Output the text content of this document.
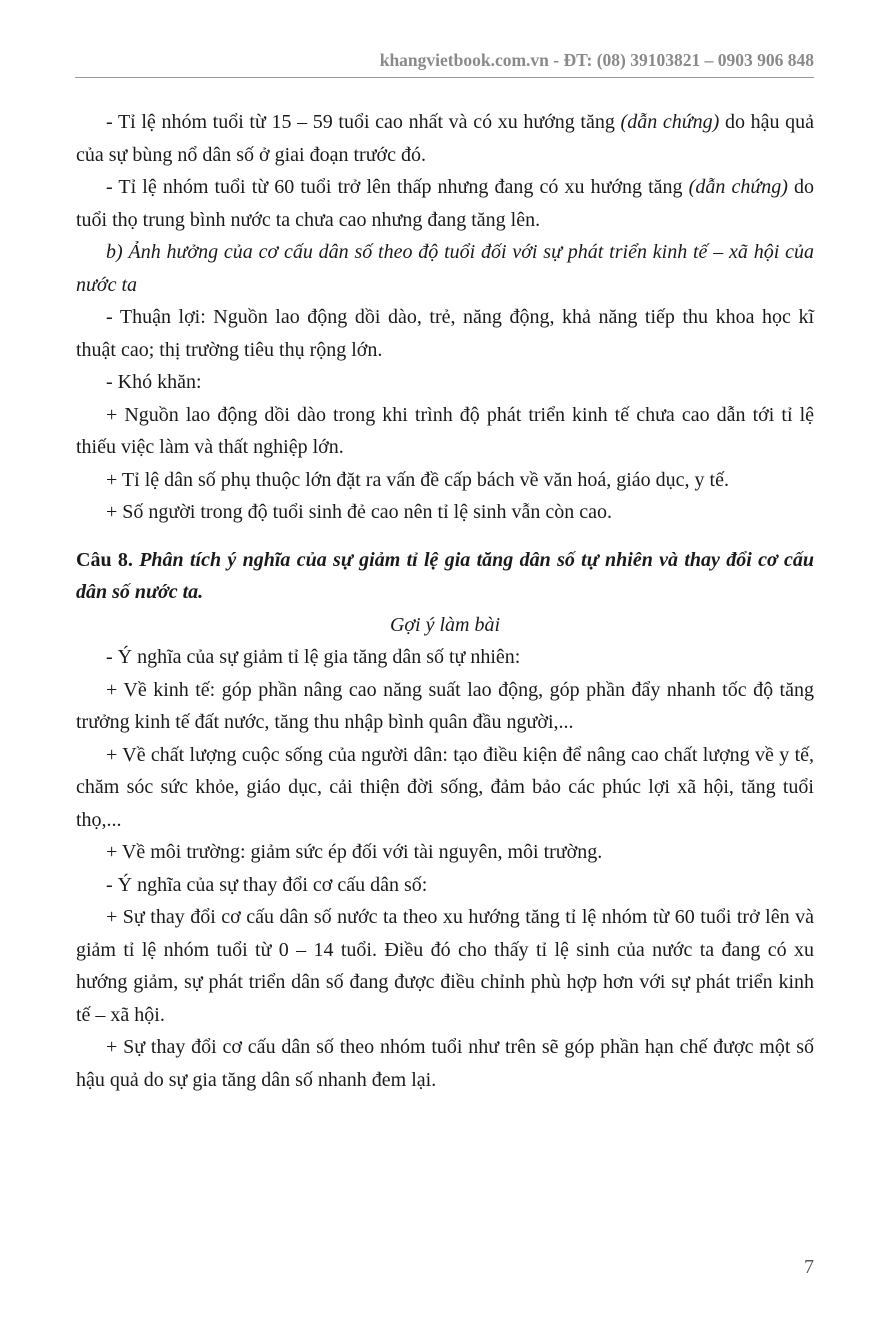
khangvietbook.com.vn - ĐT: (08) 39103821 – 0903 906 848

- Tỉ lệ nhóm tuổi từ 15 – 59 tuổi cao nhất và có xu hướng tăng (dẫn chứng) do hậu quả của sự bùng nổ dân số ở giai đoạn trước đó.

- Tỉ lệ nhóm tuổi từ 60 tuổi trở lên thấp nhưng đang có xu hướng tăng (dẫn chứng) do tuổi thọ trung bình nước ta chưa cao nhưng đang tăng lên.

b) Ảnh hưởng của cơ cấu dân số theo độ tuổi đối với sự phát triển kinh tế – xã hội của nước ta

- Thuận lợi: Nguồn lao động dồi dào, trẻ, năng động, khả năng tiếp thu khoa học kĩ thuật cao; thị trường tiêu thụ rộng lớn.

- Khó khăn:

+ Nguồn lao động dồi dào trong khi trình độ phát triển kinh tế chưa cao dẫn tới tỉ lệ thiếu việc làm và thất nghiệp lớn.

+ Tỉ lệ dân số phụ thuộc lớn đặt ra vấn đề cấp bách về văn hoá, giáo dục, y tế.

+ Số người trong độ tuổi sinh đẻ cao nên tỉ lệ sinh vẫn còn cao.

Câu 8. Phân tích ý nghĩa của sự giảm tỉ lệ gia tăng dân số tự nhiên và thay đổi cơ cấu dân số nước ta.

Gợi ý làm bài

- Ý nghĩa của sự giảm tỉ lệ gia tăng dân số tự nhiên:

+ Về kinh tế: góp phần nâng cao năng suất lao động, góp phần đẩy nhanh tốc độ tăng trưởng kinh tế đất nước, tăng thu nhập bình quân đầu người,...

+ Về chất lượng cuộc sống của người dân: tạo điều kiện để nâng cao chất lượng về y tế, chăm sóc sức khỏe, giáo dục, cải thiện đời sống, đảm bảo các phúc lợi xã hội, tăng tuổi thọ,...

+ Về môi trường: giảm sức ép đối với tài nguyên, môi trường.

- Ý nghĩa của sự thay đổi cơ cấu dân số:

+ Sự thay đổi cơ cấu dân số nước ta theo xu hướng tăng tỉ lệ nhóm từ 60 tuổi trở lên và giảm tỉ lệ nhóm tuổi từ 0 – 14 tuổi. Điều đó cho thấy tỉ lệ sinh của nước ta đang có xu hướng giảm, sự phát triển dân số đang được điều chỉnh phù hợp hơn với sự phát triển kinh tế – xã hội.

+ Sự thay đổi cơ cấu dân số theo nhóm tuổi như trên sẽ góp phần hạn chế được một số hậu quả do sự gia tăng dân số nhanh đem lại.

7
